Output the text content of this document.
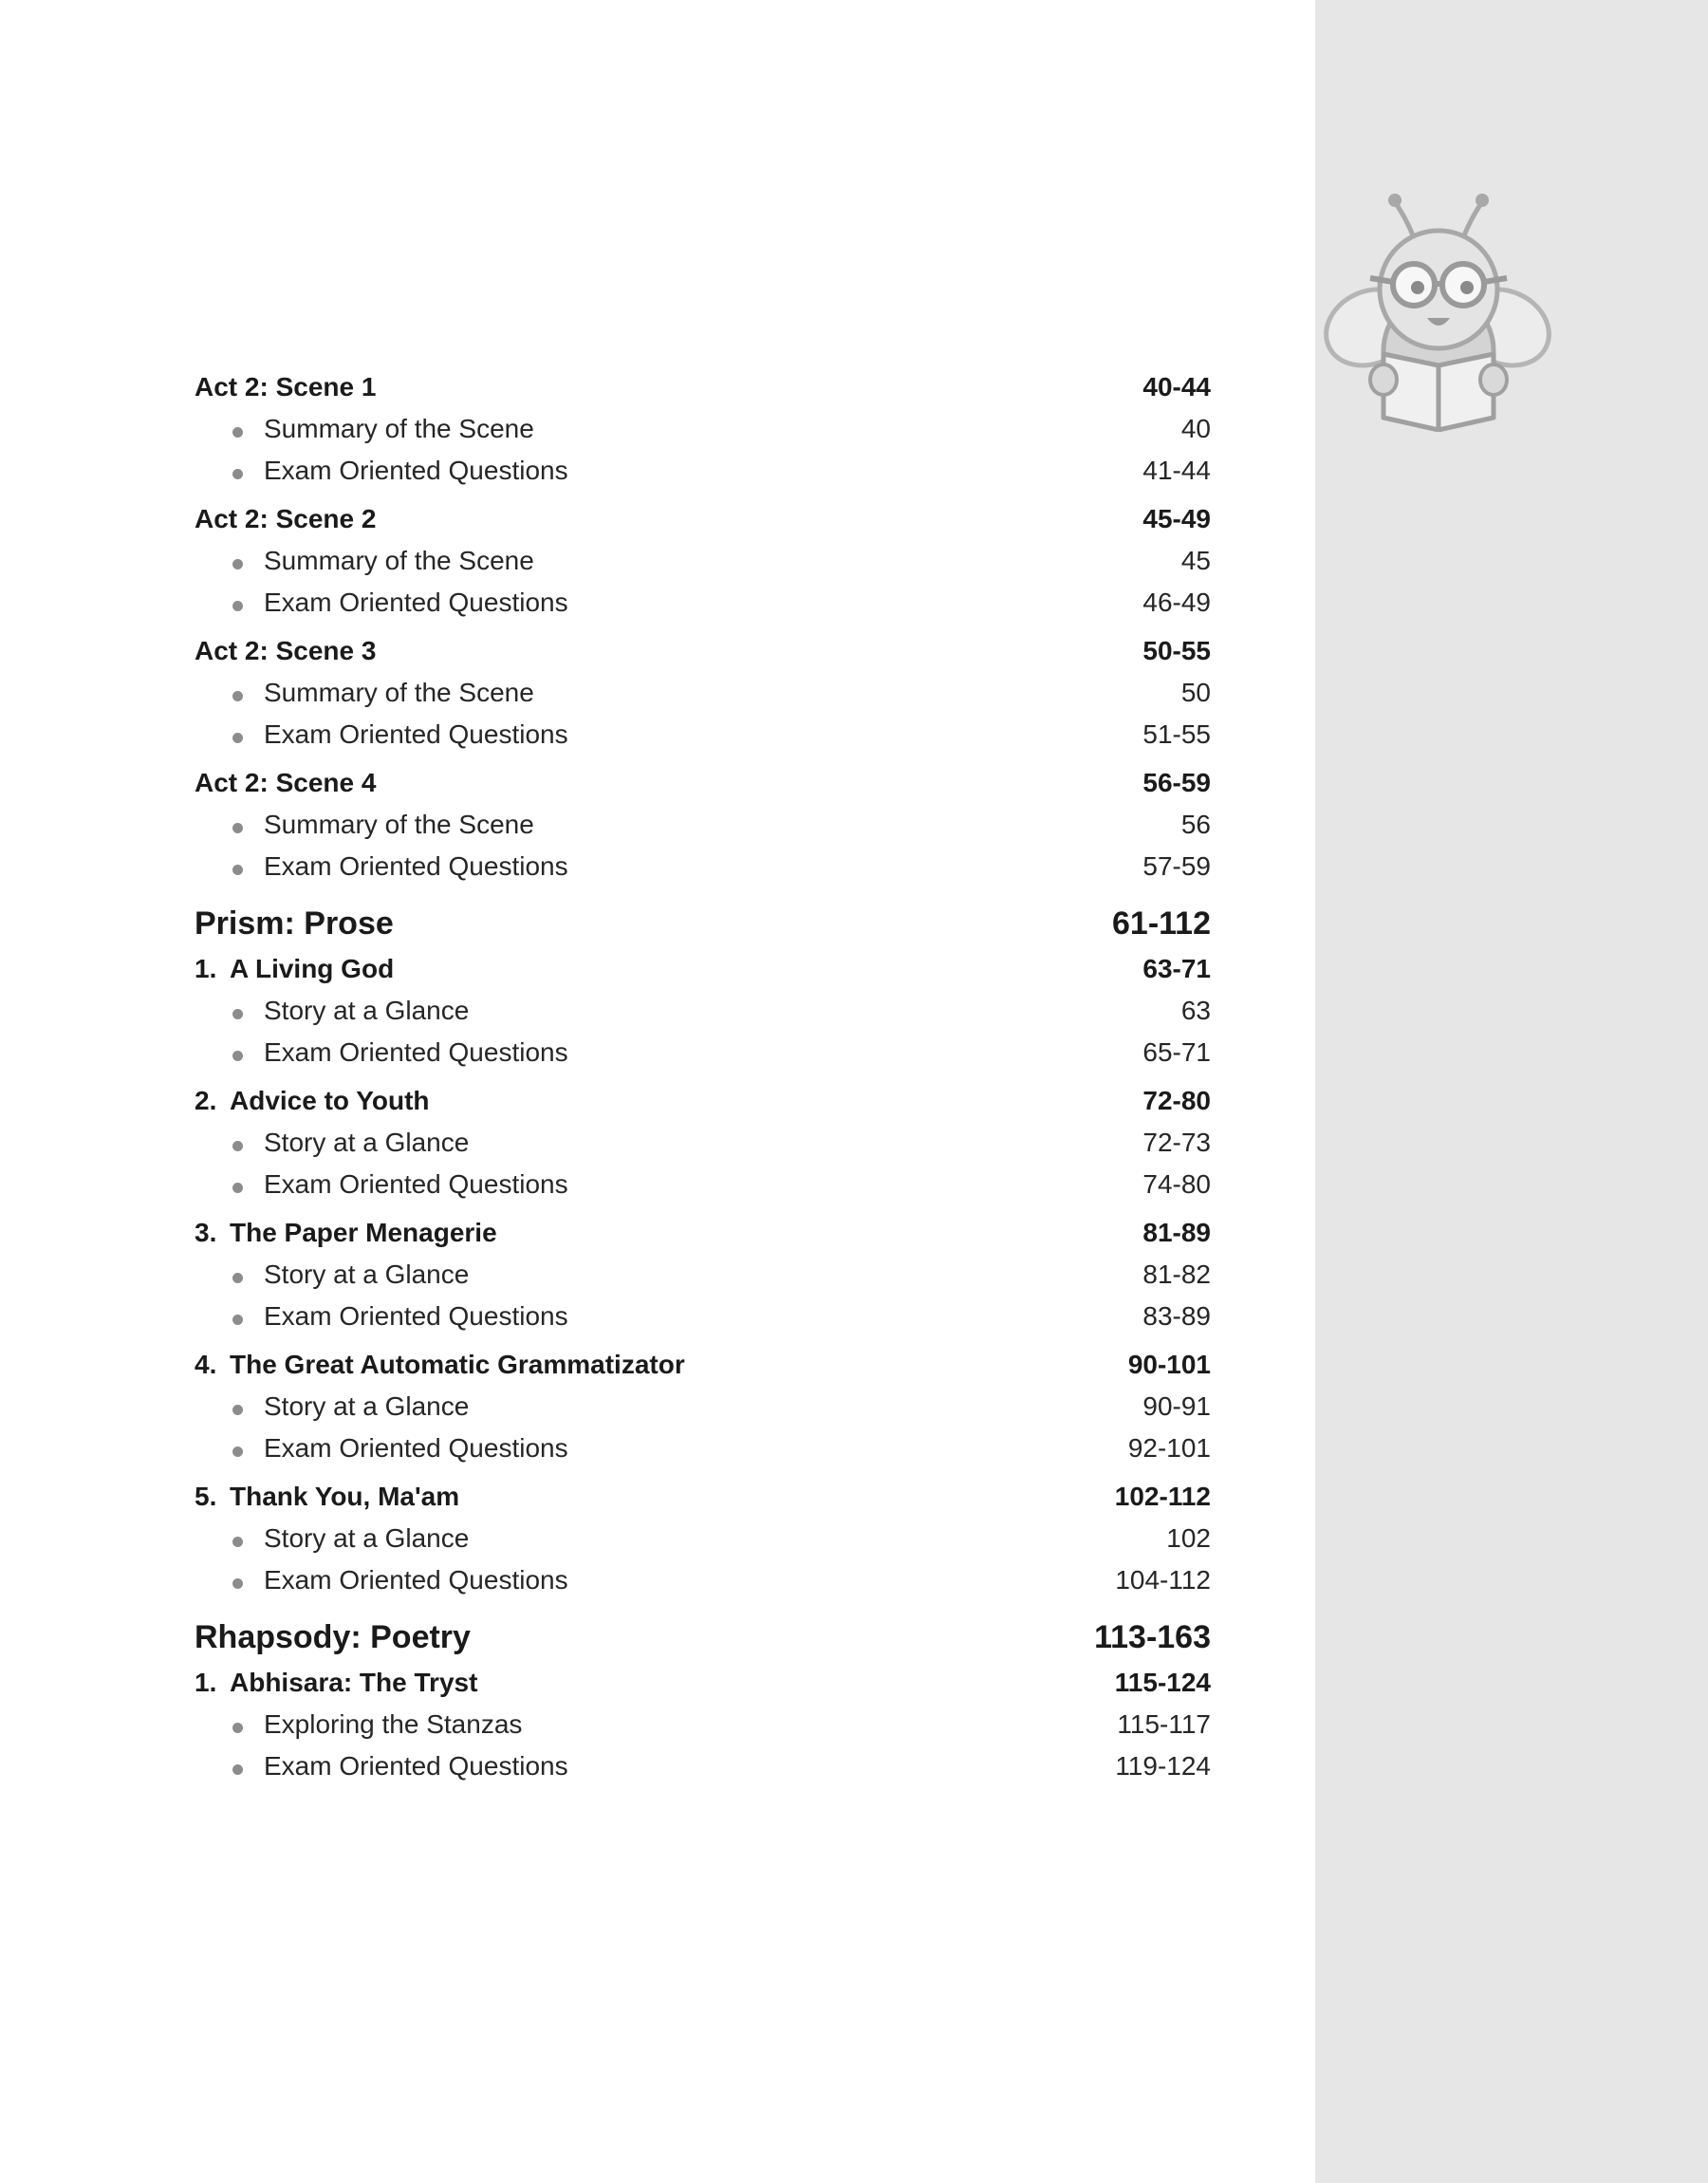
Act 2: Scene 1	40-44
Summary of the Scene	40
Exam Oriented Questions	41-44
Act 2: Scene 2	45-49
Summary of the Scene	45
Exam Oriented Questions	46-49
Act 2: Scene 3	50-55
Summary of the Scene	50
Exam Oriented Questions	51-55
Act 2: Scene 4	56-59
Summary of the Scene	56
Exam Oriented Questions	57-59
Prism: Prose	61-112
1. A Living God	63-71
Story at a Glance	63
Exam Oriented Questions	65-71
2. Advice to Youth	72-80
Story at a Glance	72-73
Exam Oriented Questions	74-80
3. The Paper Menagerie	81-89
Story at a Glance	81-82
Exam Oriented Questions	83-89
4. The Great Automatic Grammatizator	90-101
Story at a Glance	90-91
Exam Oriented Questions	92-101
5. Thank You, Ma'am	102-112
Story at a Glance	102
Exam Oriented Questions	104-112
Rhapsody: Poetry	113-163
1. Abhisara: The Tryst	115-124
Exploring the Stanzas	115-117
Exam Oriented Questions	119-124
